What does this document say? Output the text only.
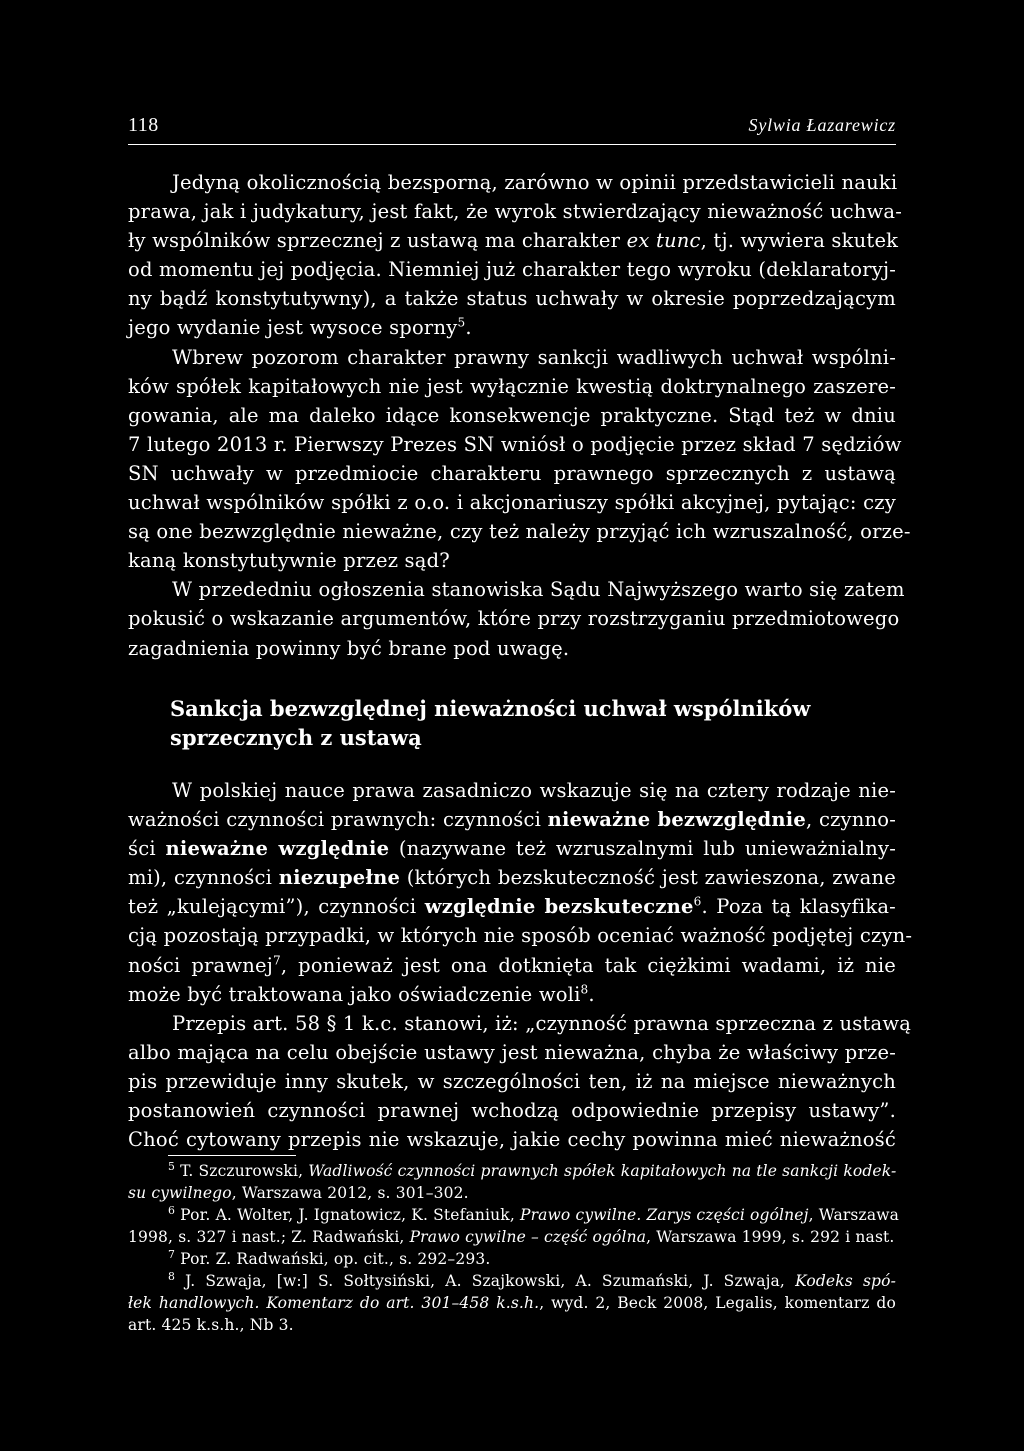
118	Sylwia Łazarewicz
Jedyną okolicznością bezsporną, zarówno w opinii przedstawicieli nauki
prawa, jak i judykatury, jest fakt, że wyrok stwierdzający nieważność uchwa-
ły wspólników sprzecznej z ustawą ma charakter ex tunc, tj. wywiera skutek
od momentu jej podjęcia. Niemniej już charakter tego wyroku (deklaratoryj-
ny bądź konstytutywny), a także status uchwały w okresie poprzedzającym
jego wydanie jest wysoce sporny$^5$.
Wbrew pozorom charakter prawny sankcji wadliwych uchwał wspólni-
ków spółek kapitałowych nie jest wyłącznie kwestią doktrynalnego zaszere-
gowania, ale ma daleko idące konsekwencje praktyczne. Stąd też w dniu
7 lutego 2013 r. Pierwszy Prezes SN wniósł o podjęcie przez skład 7 sędziów
SN uchwały w przedmiocie charakteru prawnego sprzecznych z ustawą
uchwał wspólników spółki z o.o. i akcjonariuszy spółki akcyjnej, pytając: czy
są one bezwzględnie nieważne, czy też należy przyjąć ich wzruszalność, orze-
kaną konstytutywnie przez sąd?
W przededniu ogłoszenia stanowiska Sądu Najwyższego warto się zatem
pokusić o wskazanie argumentów, które przy rozstrzyganiu przedmiotowego
zagadnienia powinny być brane pod uwagę.
Sankcja bezwzględnej nieważności uchwał wspólników
sprzecznych z ustawą
W polskiej nauce prawa zasadniczo wskazuje się na cztery rodzaje nie-
ważności czynności prawnych: czynności nieważne bezwzględnie, czynno-
ści nieważne względnie (nazywane też wzruszalnymi lub unieważnialny-
mi), czynności niezupełne (których bezskuteczność jest zawieszona, zwane
też „kulejącymi”), czynności względnie bezskuteczne$^6$. Poza tą klasyfika-
cją pozostają przypadki, w których nie sposób oceniać ważność podjętej czyn-
ności prawnej$^7$, ponieważ jest ona dotknięta tak ciężkimi wadami, iż nie
może być traktowana jako oświadczenie woli$^8$.
Przepis art. 58 § 1 k.c. stanowi, iż: „czynność prawna sprzeczna z ustawą
albo mająca na celu obejście ustawy jest nieważna, chyba że właściwy prze-
pis przewiduje inny skutek, w szczególności ten, iż na miejsce nieważnych
postanowień czynności prawnej wchodzą odpowiednie przepisy ustawy”.
Choć cytowany przepis nie wskazuje, jakie cechy powinna mieć nieważność
$^5$ T. Szczurowski, Wadliwość czynności prawnych spółek kapitałowych na tle sankcji kodek-
su cywilnego, Warszawa 2012, s. 301–302.
$^6$ Por. A. Wolter, J. Ignatowicz, K. Stefaniuk, Prawo cywilne. Zarys części ogólnej, Warszawa
1998, s. 327 i nast.; Z. Radwański, Prawo cywilne – część ogólna, Warszawa 1999, s. 292 i nast.
$^7$ Por. Z. Radwański, op. cit., s. 292–293.
$^8$ J. Szwaja, [w:] S. Sołtysiński, A. Szajkowski, A. Szumański, J. Szwaja, Kodeks spó-
łek handlowych. Komentarz do art. 301–458 k.s.h., wyd. 2, Beck 2008, Legalis, komentarz do
art. 425 k.s.h., Nb 3.
